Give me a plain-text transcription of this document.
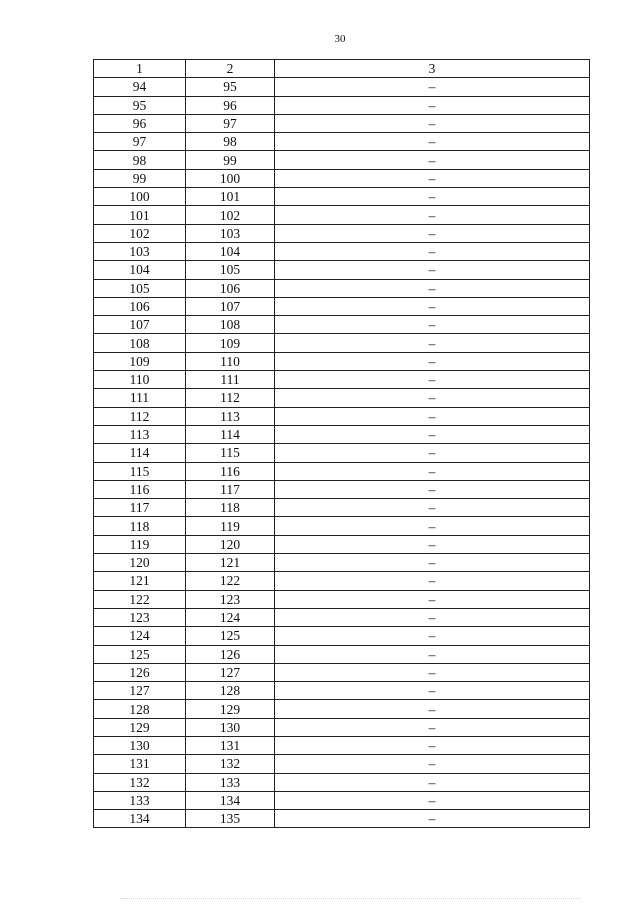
30
1	2	3
94	95	–
95	96	–
96	97	–
97	98	–
98	99	–
99	100	–
100	101	–
101	102	–
102	103	–
103	104	–
104	105	–
105	106	–
106	107	–
107	108	–
108	109	–
109	110	–
110	111	–
111	112	–
112	113	–
113	114	–
114	115	–
115	116	–
116	117	–
117	118	–
118	119	–
119	120	–
120	121	–
121	122	–
122	123	–
123	124	–
124	125	–
125	126	–
126	127	–
127	128	–
128	129	–
129	130	–
130	131	–
131	132	–
132	133	–
133	134	–
134	135	–
